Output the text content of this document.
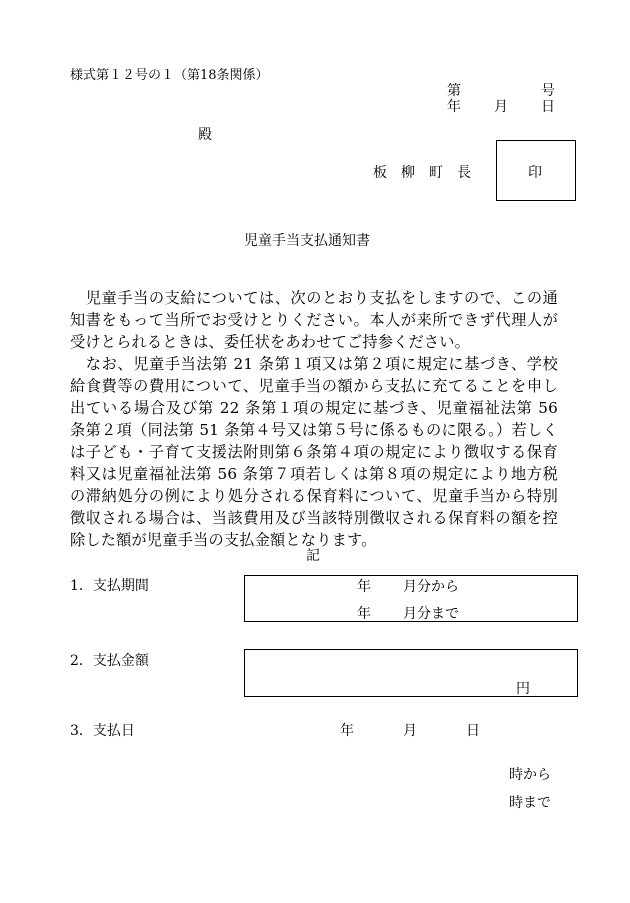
様式第１２号の１（第18条関係）
第	号
年 月 日
殿
板　柳　町　長	印
児童手当支払通知書
　児童手当の支給については、次のとおり支払をしますので、この通知書をもって当所でお受けとりください。本人が来所できず代理人が受けとられるときは、委任状をあわせてご持参ください。
　なお、児童手当法第 21 条第１項又は第２項に規定に基づき、学校給食費等の費用について、児童手当の額から支払に充てることを申し出ている場合及び第 22 条第１項の規定に基づき、児童福祉法第 56 条第２項（同法第 51 条第４号又は第５号に係るものに限る。）若しくは子ども・子育て支援法附則第６条第４項の規定により徴収する保育料又は児童福祉法第 56 条第７項若しくは第８項の規定により地方税の滞納処分の例により処分される保育料について、児童手当から特別徴収される場合は、当該費用及び当該特別徴収される保育料の額を控除した額が児童手当の支払金額となります。
記
1．支払期間	年 月分から
年 月分まで
2．支払金額
円
3．支払日	年	月	日
時から
時まで
